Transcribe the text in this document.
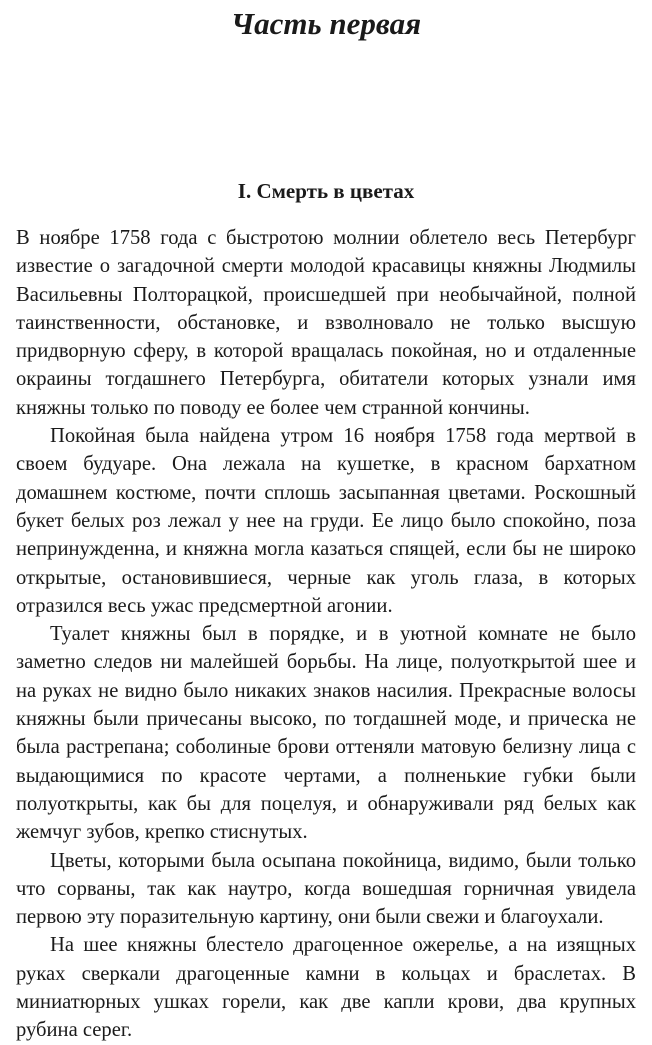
Часть первая
I. Смерть в цветах

В ноябре 1758 года с быстротою молнии облетело весь Петербург известие о загадочной смерти молодой красавицы княжны Людмилы Васильевны Полторацкой, происшедшей при необычайной, полной таинственности, обстановке, и взволновало не только высшую придворную сферу, в которой вращалась покойная, но и отдаленные окраины тогдашнего Петербурга, обитатели которых узнали имя княжны только по поводу ее более чем странной кончины.

Покойная была найдена утром 16 ноября 1758 года мертвой в своем будуаре. Она лежала на кушетке, в красном бархатном домашнем костюме, почти сплошь засыпанная цветами. Роскошный букет белых роз лежал у нее на груди. Ее лицо было спокойно, поза непринужденна, и княжна могла казаться спящей, если бы не широко открытые, остановившиеся, черные как уголь глаза, в которых отразился весь ужас предсмертной агонии.

Туалет княжны был в порядке, и в уютной комнате не было заметно следов ни малейшей борьбы. На лице, полуоткрытой шее и на руках не видно было никаких знаков насилия. Прекрасные волосы княжны были причесаны высоко, по тогдашней моде, и прическа не была растрепана; соболиные брови оттеняли матовую белизну лица с выдающимися по красоте чертами, а полненькие губки были полуоткрыты, как бы для поцелуя, и обнаруживали ряд белых как жемчуг зубов, крепко стиснутых.

Цветы, которыми была осыпана покойница, видимо, были только что сорваны, так как наутро, когда вошедшая горничная увидела первою эту поразительную картину, они были свежи и благоухали.

На шее княжны блестело драгоценное ожерелье, а на изящных руках сверкали драгоценные камни в кольцах и браслетах. В миниатюрных ушках горели, как две капли крови, два крупных рубина серег.
